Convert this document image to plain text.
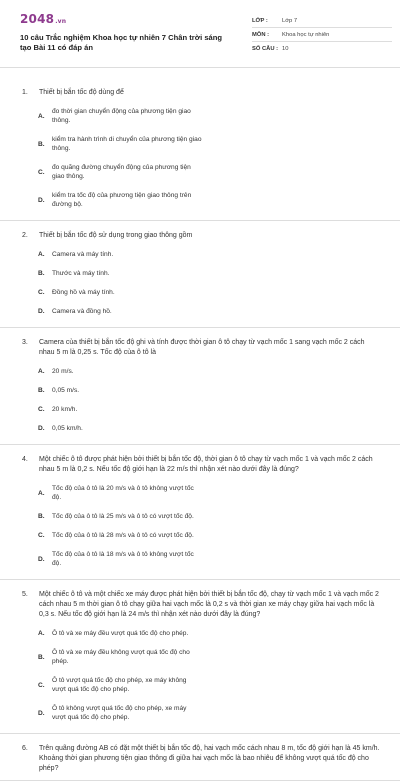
2048.vn
10 câu Trắc nghiệm Khoa học tự nhiên 7 Chân trời sáng tạo Bài 11 có đáp án
LỚP :	Lớp 7
MÔN :	Khoa học tự nhiên
SỐ CÂU : 10
1.	Thiết bị bắn tốc độ dùng để
A.
đo thời gian chuyển động của phương tiện giao thông.
B.
kiểm tra hành trình di chuyển của phương tiện giao thông.
C.
đo quãng đường chuyển động của phương tiện giao thông.
D.
kiểm tra tốc độ của phương tiện giao thông trên đường bộ.
2.	Thiết bị bắn tốc độ sử dụng trong giao thông gồm
A.	Camera và máy tính.
B.	Thước và máy tính.
C.	Đồng hồ và máy tính.
D.	Camera và đồng hồ.
3.	Camera của thiết bị bắn tốc độ ghi và tính được thời gian ô tô chạy từ vạch mốc 1 sang vạch mốc 2 cách nhau 5 m là 0,25 s. Tốc độ của ô tô là
A.	20 m/s.
B.	0,05 m/s.
C.	20 km/h.
D.	0,05 km/h.
4.	Một chiếc ô tô được phát hiện bởi thiết bị bắn tốc độ, thời gian ô tô chạy từ vạch mốc 1 và vạch mốc 2 cách nhau 5 m là 0,2 s. Nếu tốc độ giới hạn là 22 m/s thì nhận xét nào dưới đây là đúng?
A.
Tốc độ của ô tô là 20 m/s và ô tô không vượt tốc độ.
B.	Tốc độ của ô tô là 25 m/s và ô tô có vượt tốc độ.
C.	Tốc độ của ô tô là 28 m/s và ô tô có vượt tốc độ.
D.
Tốc độ của ô tô là 18 m/s và ô tô không vượt tốc độ.
5.	Một chiếc ô tô và một chiếc xe máy được phát hiện bởi thiết bị bắn tốc độ, chạy từ vạch mốc 1 và vạch mốc 2 cách nhau 5 m thời gian ô tô chạy giữa hai vạch mốc là 0,2 s và thời gian xe máy chạy giữa hai vạch mốc là 0,3 s. Nếu tốc độ giới hạn là 24 m/s thì nhận xét nào dưới đây là đúng?
A.	Ô tô và xe máy đều vượt quá tốc độ cho phép.
B.
Ô tô và xe máy đều không vượt quá tốc độ cho phép.
C.
Ô tô vượt quá tốc độ cho phép, xe máy không vượt quá tốc độ cho phép.
D.
Ô tô không vượt quá tốc độ cho phép, xe máy vượt quá tốc độ cho phép.
6.	Trên quãng đường AB có đặt một thiết bị bắn tốc độ, hai vạch mốc cách nhau 8 m, tốc độ giới hạn là 45 km/h. Khoảng thời gian phương tiện giao thông đi giữa hai vạch mốc là bao nhiêu để không vượt quá tốc độ cho phép?
